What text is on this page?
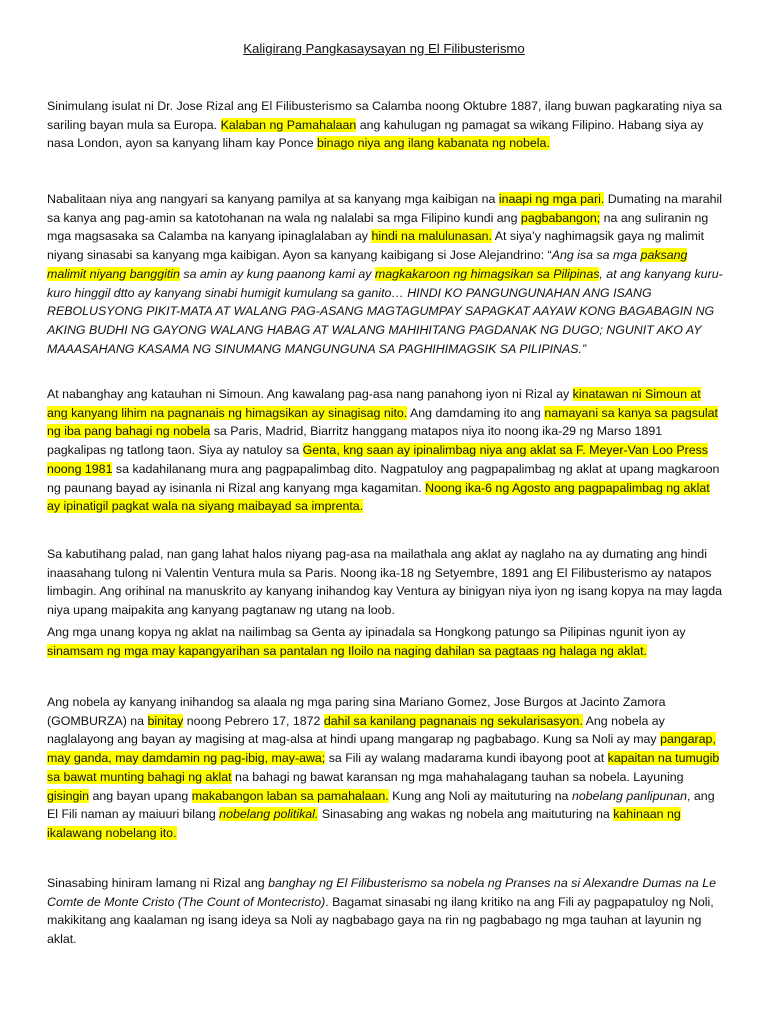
Kaligirang Pangkasaysayan ng El Filibusterismo

Sinimulang isulat ni Dr. Jose Rizal ang El Filibusterismo sa Calamba noong Oktubre 1887, ilang buwan pagkarating niya sa sariling bayan mula sa Europa. Kalaban ng Pamahalaan ang kahulugan ng pamagat sa wikang Filipino. Habang siya ay nasa London, ayon sa kanyang liham kay Ponce binago niya ang ilang kabanata ng nobela.

Nabalitaan niya ang nangyari sa kanyang pamilya at sa kanyang mga kaibigan na inaapi ng mga pari. Dumating na marahil sa kanya ang pag-amin sa katotohanan na wala ng nalalabi sa mga Filipino kundi ang pagbabangon; na ang suliranin ng mga magsasaka sa Calamba na kanyang ipinaglalaban ay hindi na malulunasan. At siya’y naghimagsik gaya ng malimit niyang sinasabi sa kanyang mga kaibigan. Ayon sa kanyang kaibigang si Jose Alejandrino: “Ang isa sa mga paksang malimit niyang banggitin sa amin ay kung paanong kami ay magkakaroon ng himagsikan sa Pilipinas, at ang kanyang kuru-kuro hinggil dtto ay kanyang sinabi humigit kumulang sa ganito… HINDI KO PANGUNGUNAHAN ANG ISANG REBOLUSYONG PIKIT-MATA AT WALANG PAG-ASANG MAGTAGUMPAY SAPAGKAT AAYAW KONG BAGABAGIN NG AKING BUDHI NG GAYONG WALANG HABAG AT WALANG MAHIHITANG PAGDANAK NG DUGO; NGUNIT AKO AY MAAASAHANG KASAMA NG SINUMANG MANGUNGUNA SA PAGHIHIMAGSIK SA PILIPINAS.”

At nabanghay ang katauhan ni Simoun. Ang kawalang pag-asa nang panahong iyon ni Rizal ay kinatawan ni Simoun at ang kanyang lihim na pagnanais ng himagsikan ay sinagisag nito. Ang damdaming ito ang namayani sa kanya sa pagsulat ng iba pang bahagi ng nobela sa Paris, Madrid, Biarritz hanggang matapos niya ito noong ika-29 ng Marso 1891 pagkalipas ng tatlong taon. Siya ay natuloy sa Genta, kng saan ay ipinalimbag niya ang aklat sa F. Meyer-Van Loo Press noong 1981 sa kadahilanang mura ang pagpapalimbag dito. Nagpatuloy ang pagpapalimbag ng aklat at upang magkaroon ng paunang bayad ay isinanla ni Rizal ang kanyang mga kagamitan. Noong ika-6 ng Agosto ang pagpapalimbag ng aklat ay ipinatigil pagkat wala na siyang maibayad sa imprenta.

Sa kabutihang palad, nan gang lahat halos niyang pag-asa na mailathala ang aklat ay naglaho na ay dumating ang hindi inaasahang tulong ni Valentin Ventura mula sa Paris. Noong ika-18 ng Setyembre, 1891 ang El Filibusterismo ay natapos limbagin. Ang orihinal na manuskrito ay kanyang inihandog kay Ventura ay binigyan niya iyon ng isang kopya na may lagda niya upang maipakita ang kanyang pagtanaw ng utang na loob.

Ang mga unang kopya ng aklat na nailimbag sa Genta ay ipinadala sa Hongkong patungo sa Pilipinas ngunit iyon ay sinamsam ng mga may kapangyarihan sa pantalan ng Iloilo na naging dahilan sa pagtaas ng halaga ng aklat.

Ang nobela ay kanyang inihandog sa alaala ng mga paring sina Mariano Gomez, Jose Burgos at Jacinto Zamora (GOMBURZA) na binitay noong Pebrero 17, 1872 dahil sa kanilang pagnanais ng sekularisasyon. Ang nobela ay naglalayong ang bayan ay magising at mag-alsa at hindi upang mangarap ng pagbabago. Kung sa Noli ay may pangarap, may ganda, may damdamin ng pag-ibig, may-awa; sa Fili ay walang madarama kundi ibayong poot at kapaitan na tumugib sa bawat munting bahagi ng aklat na bahagi ng bawat karansan ng mga mahahalagang tauhan sa nobela. Layuning gisingin ang bayan upang makabangon laban sa pamahalaan. Kung ang Noli ay maituturing na nobelang panlipunan, ang El Fili naman ay maiuuri bilang nobelang politikal. Sinasabing ang wakas ng nobela ang maituturing na kahinaan ng ikalawang nobelang ito.

Sinasabing hiniram lamang ni Rizal ang banghay ng El Filibusterismo sa nobela ng Pranses na si Alexandre Dumas na Le Comte de Monte Cristo (The Count of Montecristo). Bagamat sinasabi ng ilang kritiko na ang Fili ay pagpapatuloy ng Noli, makikitang ang kaalaman ng isang ideya sa Noli ay nagbabago gaya na rin ng pagbabago ng mga tauhan at layunin ng aklat.
